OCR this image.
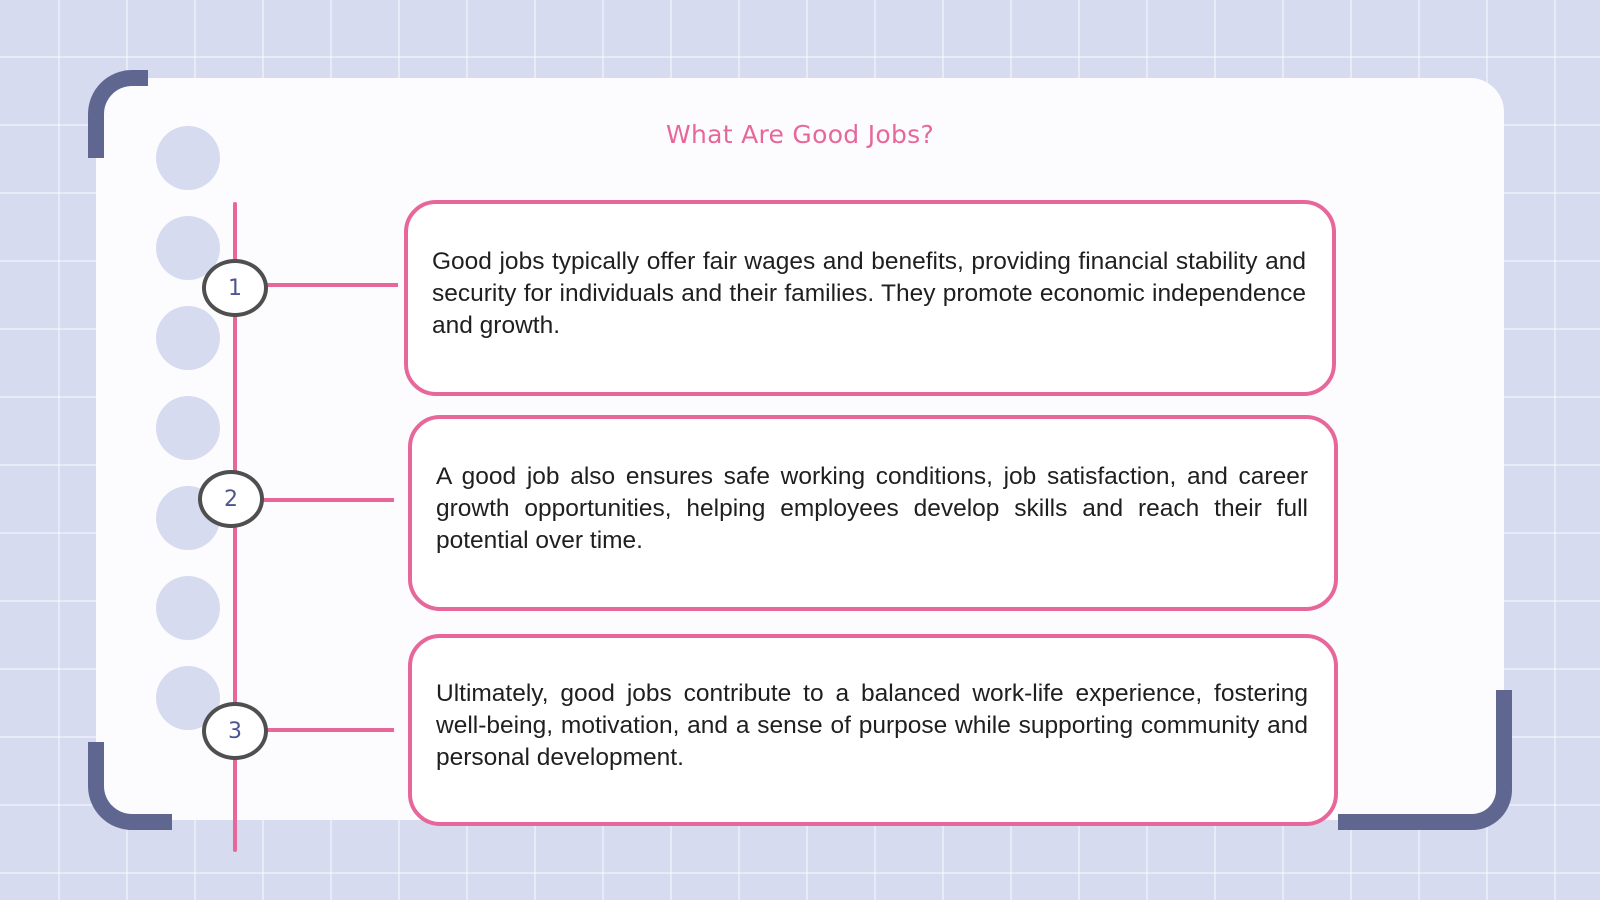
What Are Good Jobs?
1
Good jobs typically offer fair wages and benefits, providing financial stability and security for individuals and their families. They promote economic independence and growth.
2
A good job also ensures safe working conditions, job satisfaction, and career growth opportunities, helping employees develop skills and reach their full potential over time.
3
Ultimately, good jobs contribute to a balanced work-life experience, fostering well-being, motivation, and a sense of purpose while supporting community and personal development.
